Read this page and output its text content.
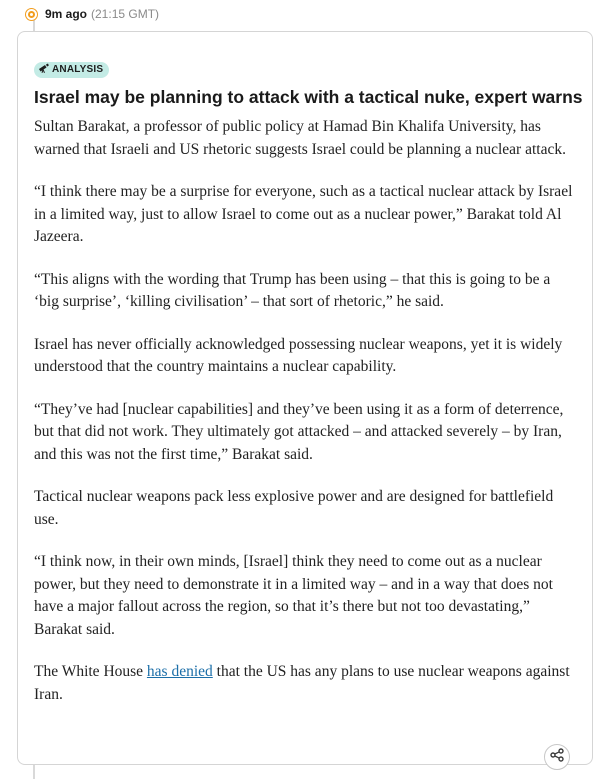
9m ago (21:15 GMT)
ANALYSIS
Israel may be planning to attack with a tactical nuke, expert warns

Sultan Barakat, a professor of public policy at Hamad Bin Khalifa University, has warned that Israeli and US rhetoric suggests Israel could be planning a nuclear attack.

“I think there may be a surprise for everyone, such as a tactical nuclear attack by Israel in a limited way, just to allow Israel to come out as a nuclear power,” Barakat told Al Jazeera.

“This aligns with the wording that Trump has been using – that this is going to be a ‘big surprise’, ‘killing civilisation’ – that sort of rhetoric,” he said.

Israel has never officially acknowledged possessing nuclear weapons, yet it is widely understood that the country maintains a nuclear capability.

“They’ve had [nuclear capabilities] and they’ve been using it as a form of deterrence, but that did not work. They ultimately got attacked – and attacked severely – by Iran, and this was not the first time,” Barakat said.

Tactical nuclear weapons pack less explosive power and are designed for battlefield use.

“I think now, in their own minds, [Israel] think they need to come out as a nuclear power, but they need to demonstrate it in a limited way – and in a way that does not have a major fallout across the region, so that it’s there but not too devastating,” Barakat said.

The White House has denied that the US has any plans to use nuclear weapons against Iran.
